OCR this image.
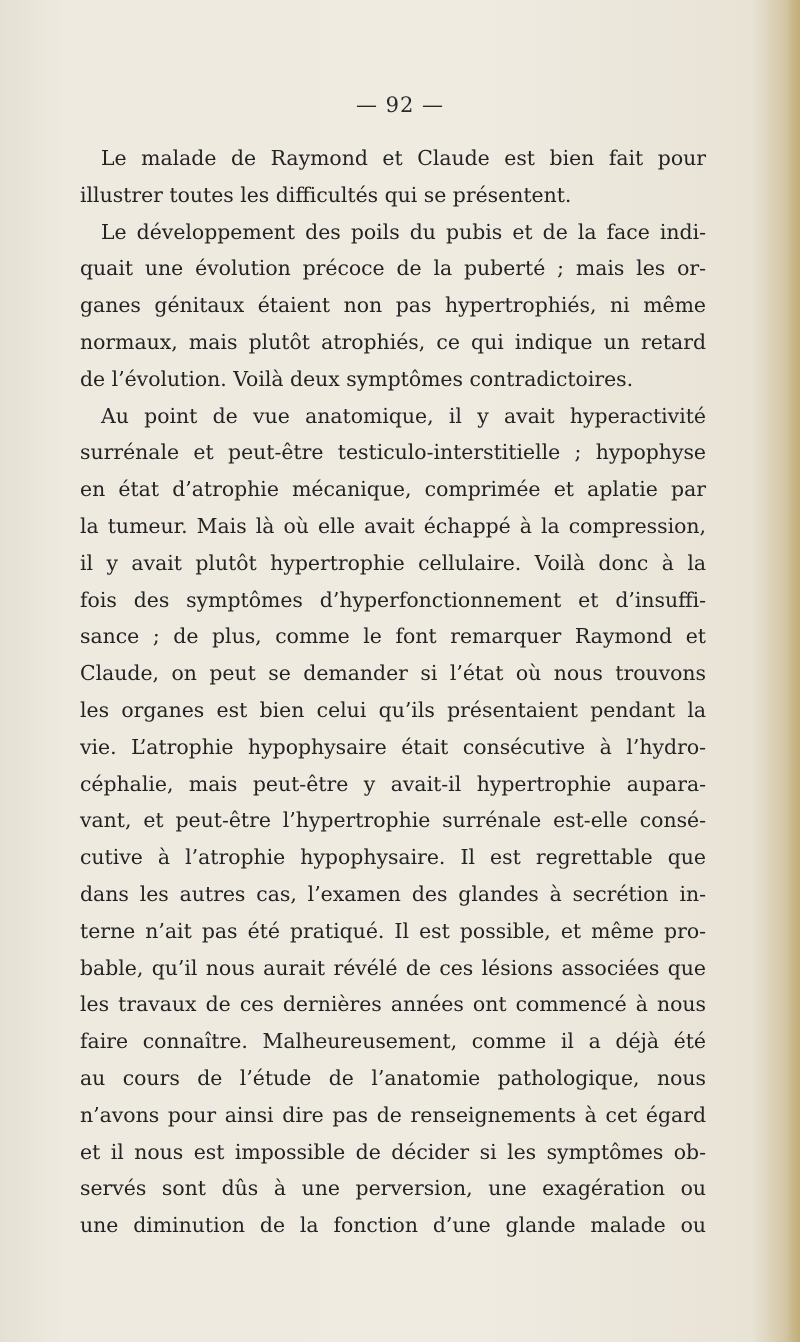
— 92 —
Le malade de Raymond et Claude est bien fait pour
illustrer toutes les difficultés qui se présentent.
Le développement des poils du pubis et de la face indi-
quait une évolution précoce de la puberté ; mais les or-
ganes génitaux étaient non pas hypertrophiés, ni même
normaux, mais plutôt atrophiés, ce qui indique un retard
de l’évolution. Voilà deux symptômes contradictoires.
Au point de vue anatomique, il y avait hyperactivité
surrénale et peut-être testiculo-interstitielle ; hypophyse
en état d’atrophie mécanique, comprimée et aplatie par
la tumeur. Mais là où elle avait échappé à la compression,
il y avait plutôt hypertrophie cellulaire. Voilà donc à la
fois des symptômes d’hyperfonctionnement et d’insuffi-
sance ; de plus, comme le font remarquer Raymond et
Claude, on peut se demander si l’état où nous trouvons
les organes est bien celui qu’ils présentaient pendant la
vie. L’atrophie hypophysaire était consécutive à l’hydro-
céphalie, mais peut-être y avait-il hypertrophie aupara-
vant, et peut-être l’hypertrophie surrénale est-elle consé-
cutive à l’atrophie hypophysaire. Il est regrettable que
dans les autres cas, l’examen des glandes à secrétion in-
terne n’ait pas été pratiqué. Il est possible, et même pro-
bable, qu’il nous aurait révélé de ces lésions associées que
les travaux de ces dernières années ont commencé à nous
faire connaître. Malheureusement, comme il a déjà été
au cours de l’étude de l’anatomie pathologique, nous
n’avons pour ainsi dire pas de renseignements à cet égard
et il nous est impossible de décider si les symptômes ob-
servés sont dûs à une perversion, une exagération ou
une diminution de la fonction d’une glande malade ou
